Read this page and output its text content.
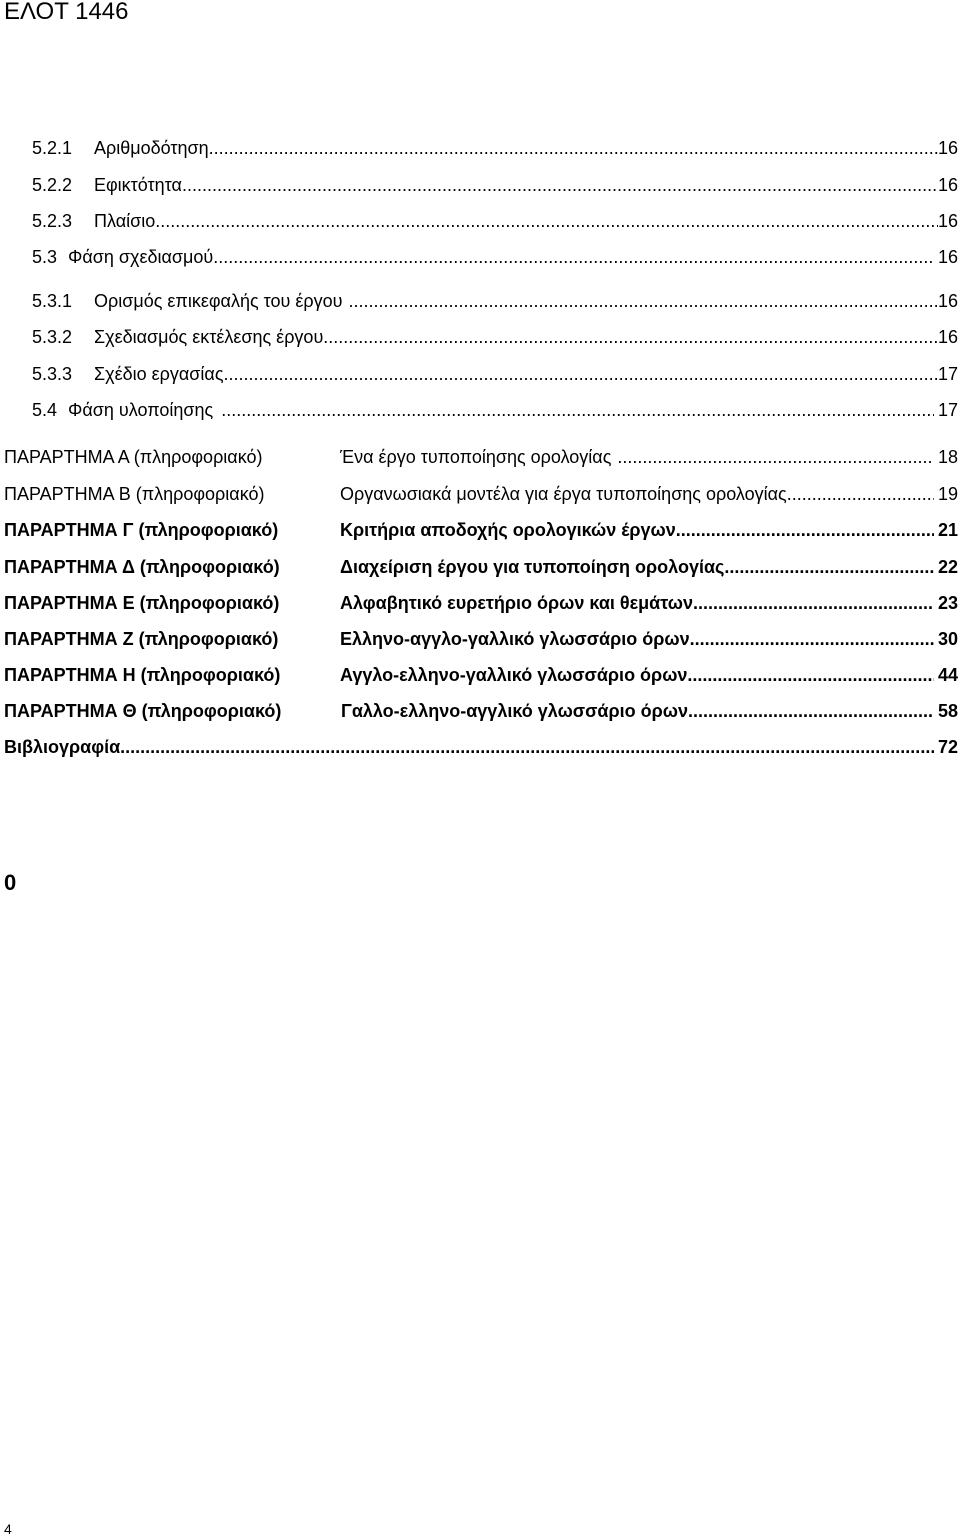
ΕΛΟΤ 1446
5.2.1	Αριθμοδότηση .....	16
5.2.2	Εφικτότητα .....	16
5.2.3	Πλαίσιο .....	16
5.3 Φάση σχεδιασμού .....	16
5.3.1	Ορισμός επικεφαλής του έργου .....	16
5.3.2	Σχεδιασμός εκτέλεσης έργου .....	16
5.3.3	Σχέδιο εργασίας .....	17
5.4 Φάση υλοποίησης .....	17
ΠΑΡΑΡΤΗΜΑ Α (πληροφοριακό)	Ένα έργο τυποποίησης ορολογίας .....	18
ΠΑΡΑΡΤΗΜΑ Β (πληροφοριακό)	Οργανωσιακά μοντέλα για έργα τυποποίησης ορολογίας .....	19
ΠΑΡΑΡΤΗΜΑ Γ (πληροφοριακό)	Κριτήρια αποδοχής ορολογικών έργων .....	21
ΠΑΡΑΡΤΗΜΑ Δ (πληροφοριακό)	Διαχείριση έργου για τυποποίηση ορολογίας .....	22
ΠΑΡΑΡΤΗΜΑ Ε (πληροφοριακό)	Αλφαβητικό ευρετήριο όρων και θεμάτων .....	23
ΠΑΡΑΡΤΗΜΑ Ζ (πληροφοριακό)	Ελληνο-αγγλο-γαλλικό γλωσσάριο όρων .....	30
ΠΑΡΑΡΤΗΜΑ Η (πληροφοριακό)	Αγγλο-ελληνο-γαλλικό γλωσσάριο όρων .....	44
ΠΑΡΑΡΤΗΜΑ Θ (πληροφοριακό)	Γαλλο-ελληνο-αγγλικό γλωσσάριο όρων .....	58
Βιβλιογραφία .....	72
0
4
